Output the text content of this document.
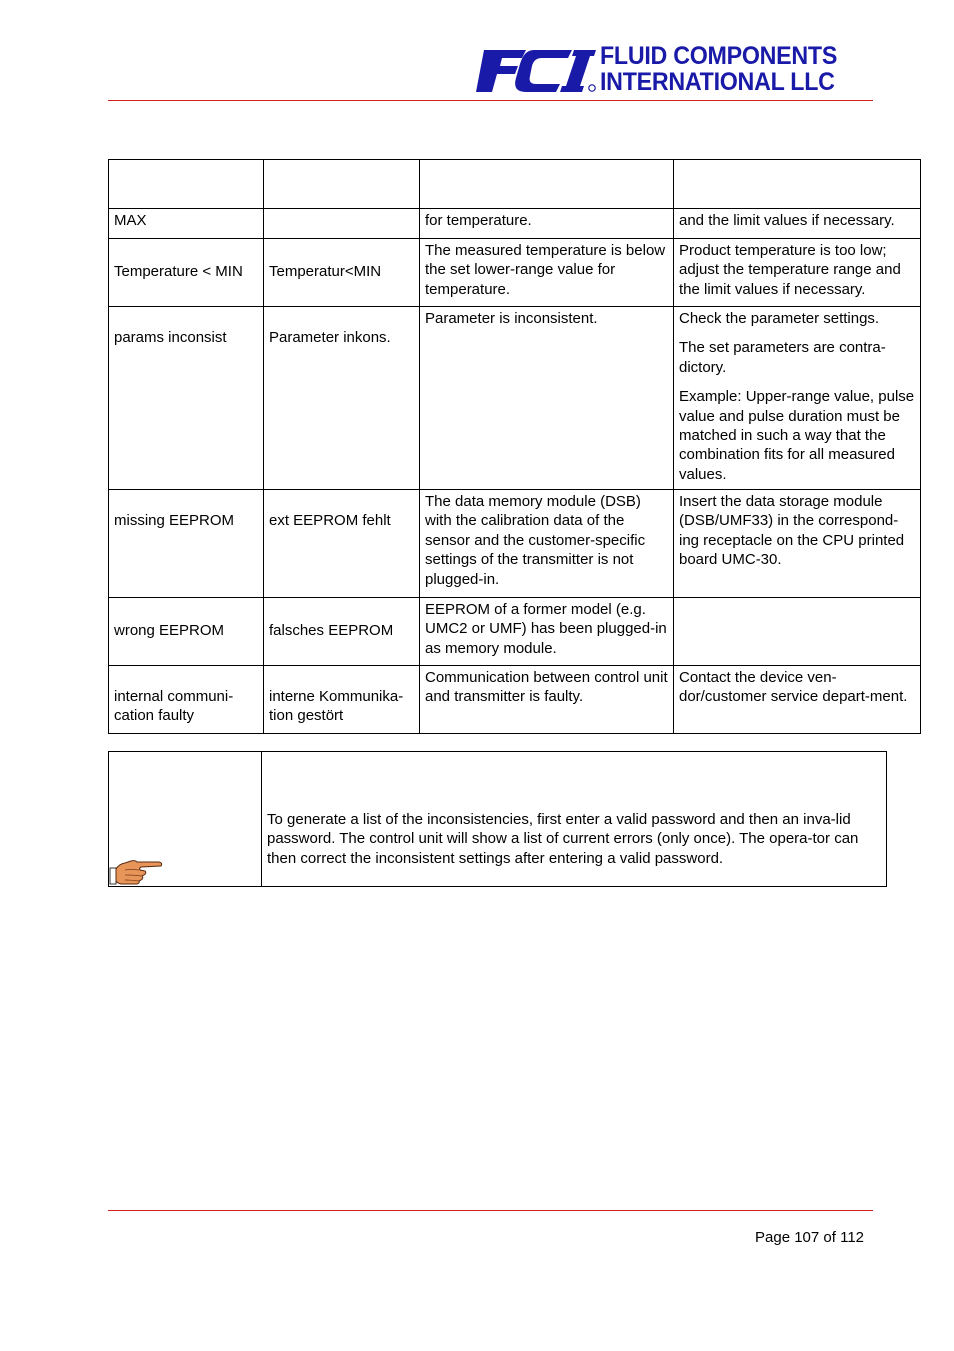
FLUID COMPONENTS
INTERNATIONAL LLC

MAX		for temperature.	and the limit values if necessary.

Temperature < MIN	Temperatur<MIN	The measured temperature is below the set lower-range value for temperature.	Product temperature is too low; adjust the temperature range and the limit values if necessary.

params inconsist	Parameter inkons.	Parameter is inconsistent.	Check the parameter settings.

The set parameters are contra-dictory.

Example: Upper-range value, pulse value and pulse duration must be matched in such a way that the combination fits for all measured values.

missing EEPROM	ext EEPROM fehlt	The data memory module (DSB) with the calibration data of the sensor and the customer-specific settings of the transmitter is not plugged-in.	Insert the data storage module (DSB/UMF33) in the correspond-ing receptacle on the CPU printed board UMC-30.

wrong EEPROM	falsches EEPROM	EEPROM of a former model (e.g. UMC2 or UMF) has been plugged-in as memory module.	

internal communi-cation faulty	interne Kommunika-tion gestört	Communication between control unit and transmitter is faulty.	Contact the device ven-dor/customer service depart-ment.

	To generate a list of the inconsistencies, first enter a valid password and then an inva-lid password. The control unit will show a list of current errors (only once). The opera-tor can then correct the inconsistent settings after entering a valid password.
Page 107 of 112
